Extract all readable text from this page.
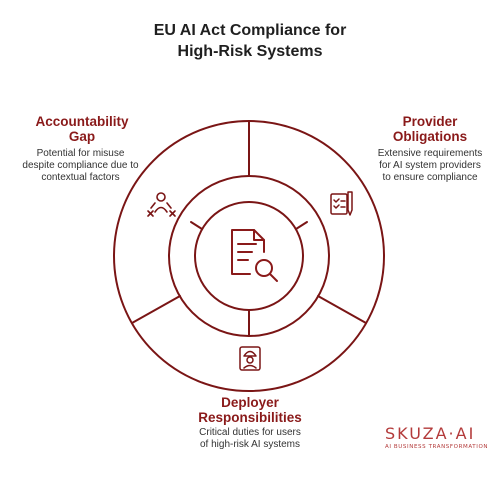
EU AI Act Compliance for
High-Risk Systems
Accountability
Gap
Potential for misuse
despite compliance due to
contextual factors
Provider
Obligations
Extensive requirements
for AI system providers
to ensure compliance
Deployer
Responsibilities
Critical duties for users
of high-risk AI systems
SKUZA·AI
AI BUSINESS TRANSFORMATION
